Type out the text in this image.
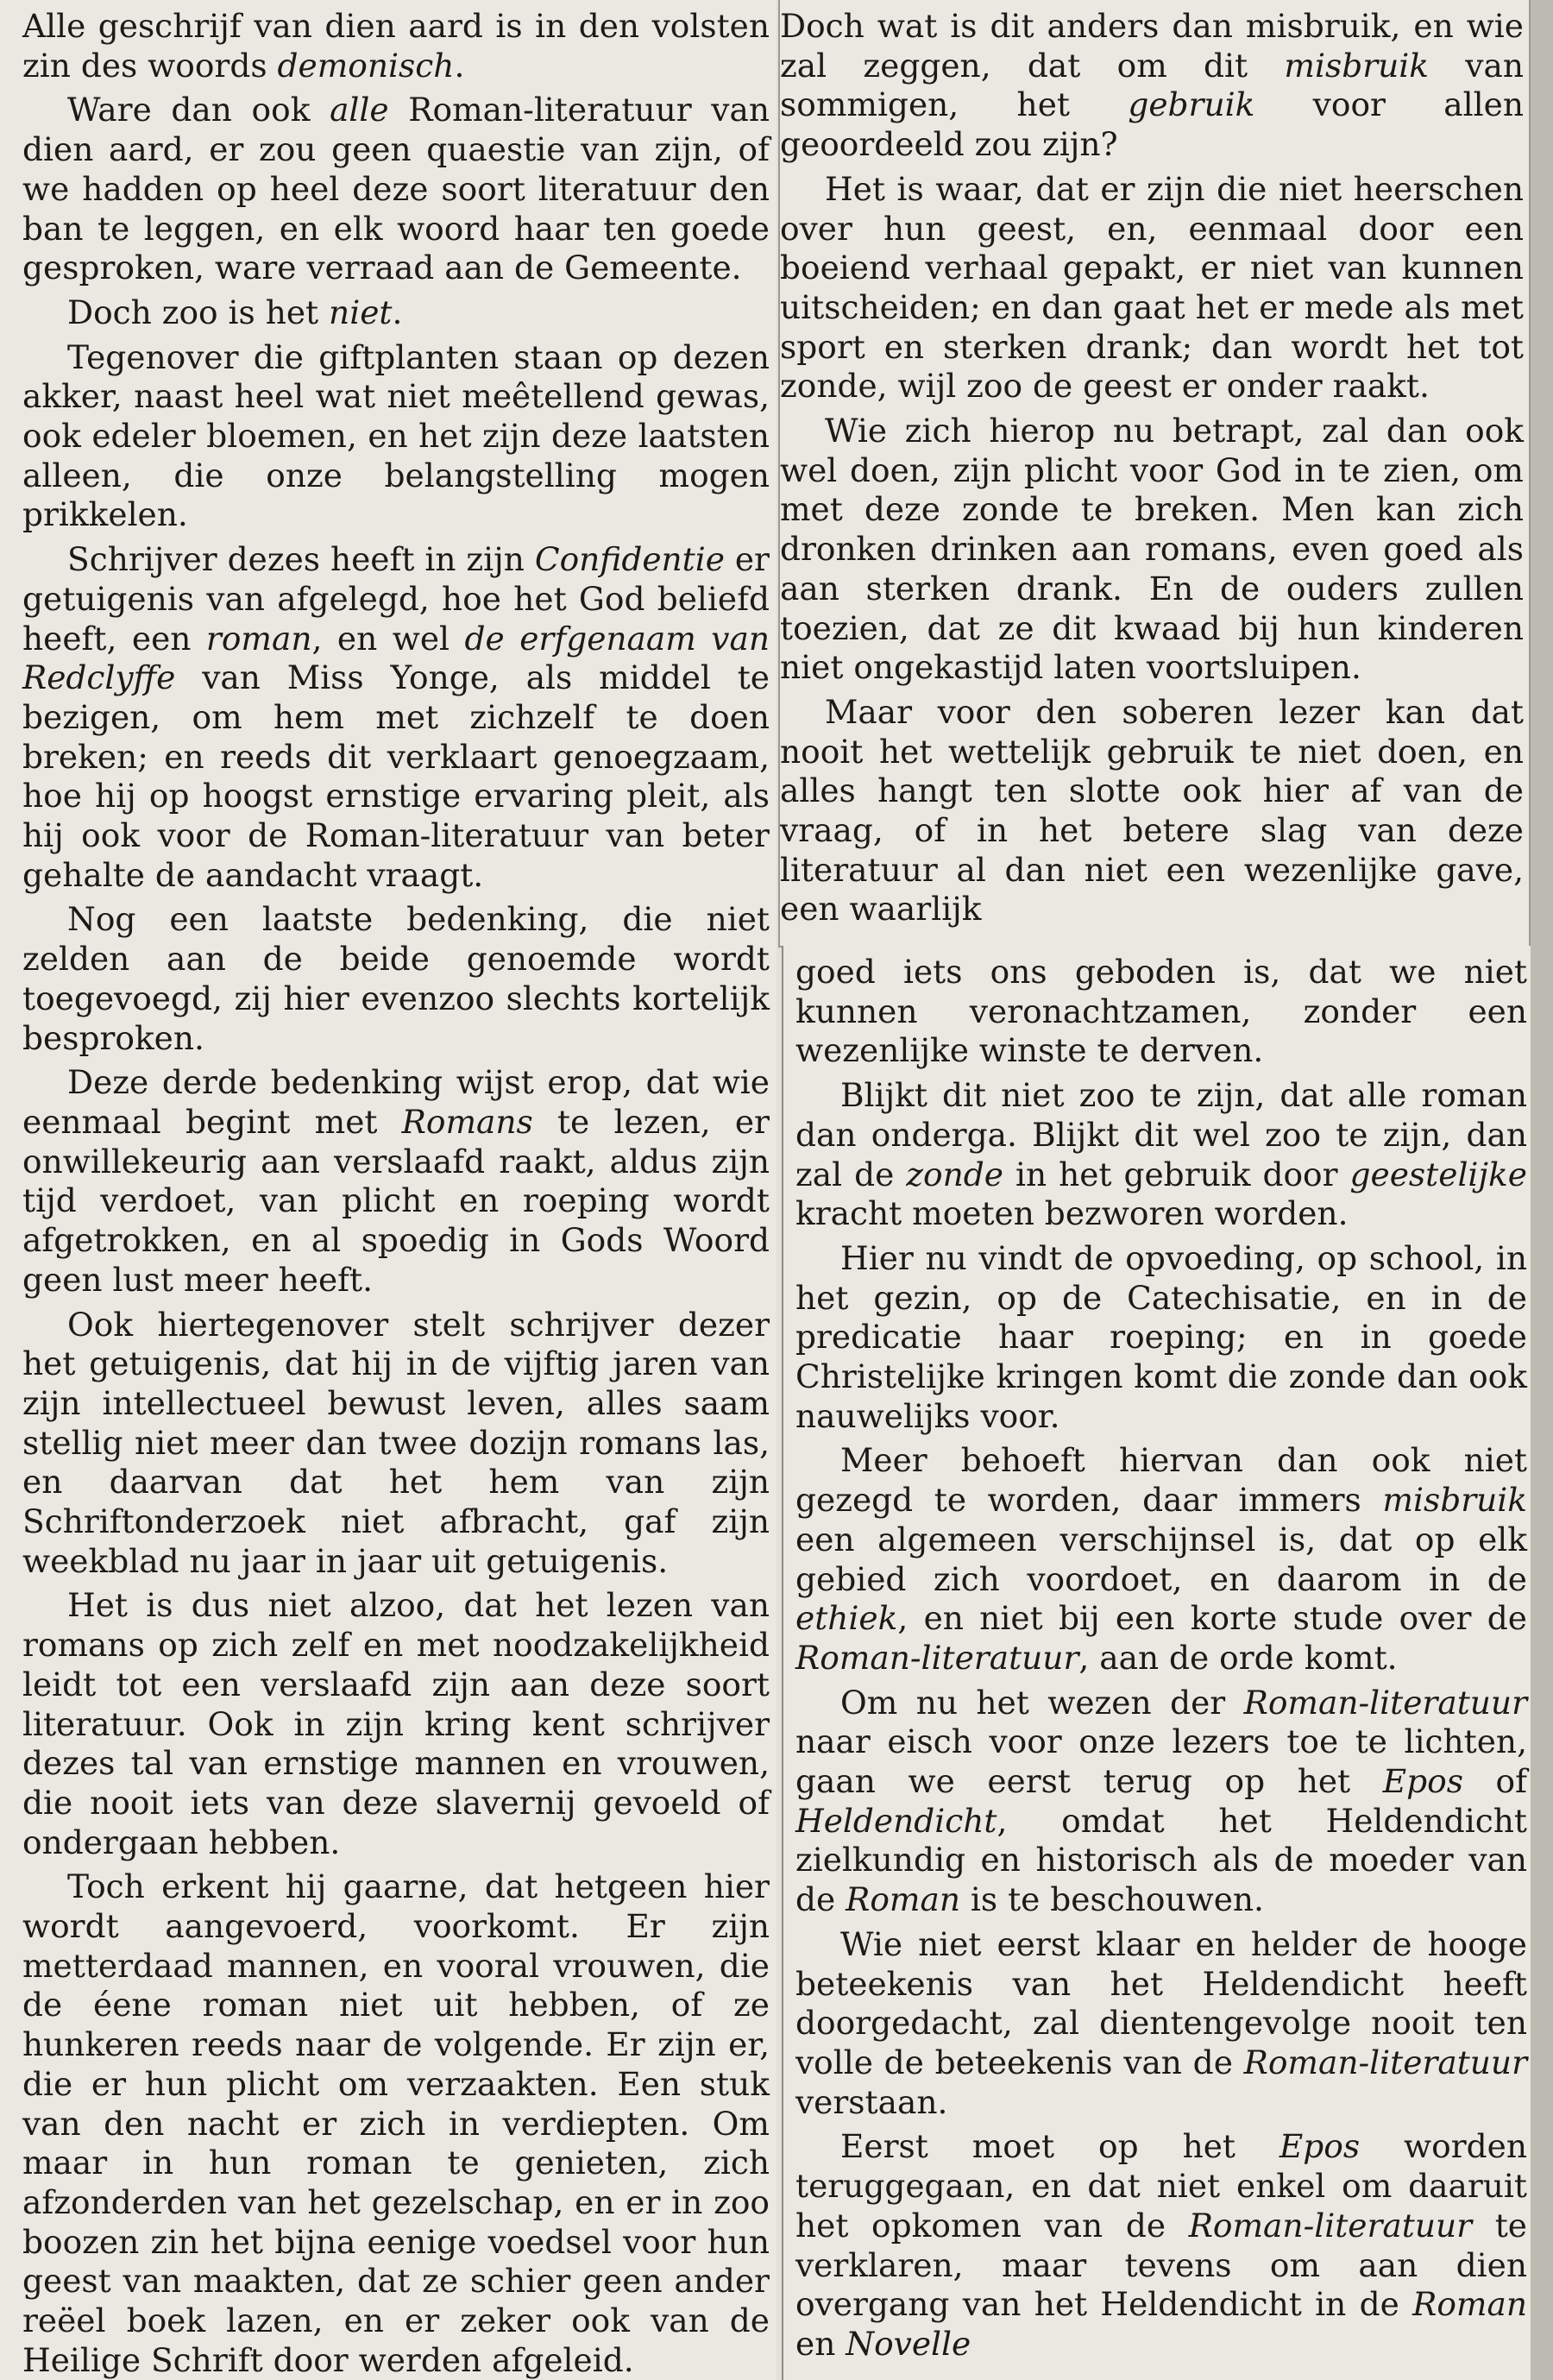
Alle geschrijf van dien aard is in den volsten zin des woords demonisch.

Ware dan ook alle Roman-literatuur van dien aard, er zou geen quaestie van zijn, of we hadden op heel deze soort literatuur den ban te leggen, en elk woord haar ten goede gesproken, ware verraad aan de Gemeente.

Doch zoo is het niet.

Tegenover die giftplanten staan op dezen akker, naast heel wat niet meêtellend gewas, ook edeler bloemen, en het zijn deze laatsten alleen, die onze belangstelling mogen prikkelen.

Schrijver dezes heeft in zijn Confidentie er getuigenis van afgelegd, hoe het God beliefd heeft, een roman, en wel de erfgenaam van Redclyffe van Miss Yonge, als middel te bezigen, om hem met zichzelf te doen breken; en reeds dit verklaart genoegzaam, hoe hij op hoogst ernstige ervaring pleit, als hij ook voor de Roman-literatuur van beter gehalte de aandacht vraagt.

Nog een laatste bedenking, die niet zelden aan de beide genoemde wordt toegevoegd, zij hier evenzoo slechts kortelijk besproken.

Deze derde bedenking wijst erop, dat wie eenmaal begint met Romans te lezen, er onwillekeurig aan verslaafd raakt, aldus zijn tijd verdoet, van plicht en roeping wordt afgetrokken, en al spoedig in Gods Woord geen lust meer heeft.

Ook hiertegenover stelt schrijver dezer het getuigenis, dat hij in de vijftig jaren van zijn intellectueel bewust leven, alles saam stellig niet meer dan twee dozijn romans las, en daarvan dat het hem van zijn Schriftonderzoek niet afbracht, gaf zijn weekblad nu jaar in jaar uit getuigenis.

Het is dus niet alzoo, dat het lezen van romans op zich zelf en met noodzakelijkheid leidt tot een verslaafd zijn aan deze soort literatuur. Ook in zijn kring kent schrijver dezes tal van ernstige mannen en vrouwen, die nooit iets van deze slavernij gevoeld of ondergaan hebben.

Toch erkent hij gaarne, dat hetgeen hier wordt aangevoerd, voorkomt. Er zijn metterdaad mannen, en vooral vrouwen, die de éene roman niet uit hebben, of ze hunkeren reeds naar de volgende. Er zijn er, die er hun plicht om verzaakten. Een stuk van den nacht er zich in verdiepten. Om maar in hun roman te genieten, zich afzonderden van het gezelschap, en er in zoo boozen zin het bijna eenige voedsel voor hun geest van maakten, dat ze schier geen ander reëel boek lazen, en er zeker ook van de Heilige Schrift door werden afgeleid.

Doch wat is dit anders dan misbruik, en wie zal zeggen, dat om dit misbruik van sommigen, het gebruik voor allen geoordeeld zou zijn?

Het is waar, dat er zijn die niet heerschen over hun geest, en, eenmaal door een boeiend verhaal gepakt, er niet van kunnen uitscheiden; en dan gaat het er mede als met sport en sterken drank; dan wordt het tot zonde, wijl zoo de geest er onder raakt.

Wie zich hierop nu betrapt, zal dan ook wel doen, zijn plicht voor God in te zien, om met deze zonde te breken. Men kan zich dronken drinken aan romans, even goed als aan sterken drank. En de ouders zullen toezien, dat ze dit kwaad bij hun kinderen niet ongekastijd laten voortsluipen.

Maar voor den soberen lezer kan dat nooit het wettelijk gebruik te niet doen, en alles hangt ten slotte ook hier af van de vraag, of in het betere slag van deze literatuur al dan niet een wezenlijke gave, een waarlijk

goed iets ons geboden is, dat we niet kunnen veronachtzamen, zonder een wezenlijke winste te derven.

Blijkt dit niet zoo te zijn, dat alle roman dan onderga. Blijkt dit wel zoo te zijn, dan zal de zonde in het gebruik door geestelijke kracht moeten bezworen worden.

Hier nu vindt de opvoeding, op school, in het gezin, op de Catechisatie, en in de predicatie haar roeping; en in goede Christelijke kringen komt die zonde dan ook nauwelijks voor.

Meer behoeft hiervan dan ook niet gezegd te worden, daar immers misbruik een algemeen verschijnsel is, dat op elk gebied zich voordoet, en daarom in de ethiek, en niet bij een korte stude over de Roman-literatuur, aan de orde komt.

Om nu het wezen der Roman-literatuur naar eisch voor onze lezers toe te lichten, gaan we eerst terug op het Epos of Heldendicht, omdat het Heldendicht zielkundig en historisch als de moeder van de Roman is te beschouwen.

Wie niet eerst klaar en helder de hooge beteekenis van het Heldendicht heeft doorgedacht, zal dientengevolge nooit ten volle de beteekenis van de Roman-literatuur verstaan.

Eerst moet op het Epos worden teruggegaan, en dat niet enkel om daaruit het opkomen van de Roman-literatuur te verklaren, maar tevens om aan dien overgang van het Heldendicht in de Roman en Novelle
